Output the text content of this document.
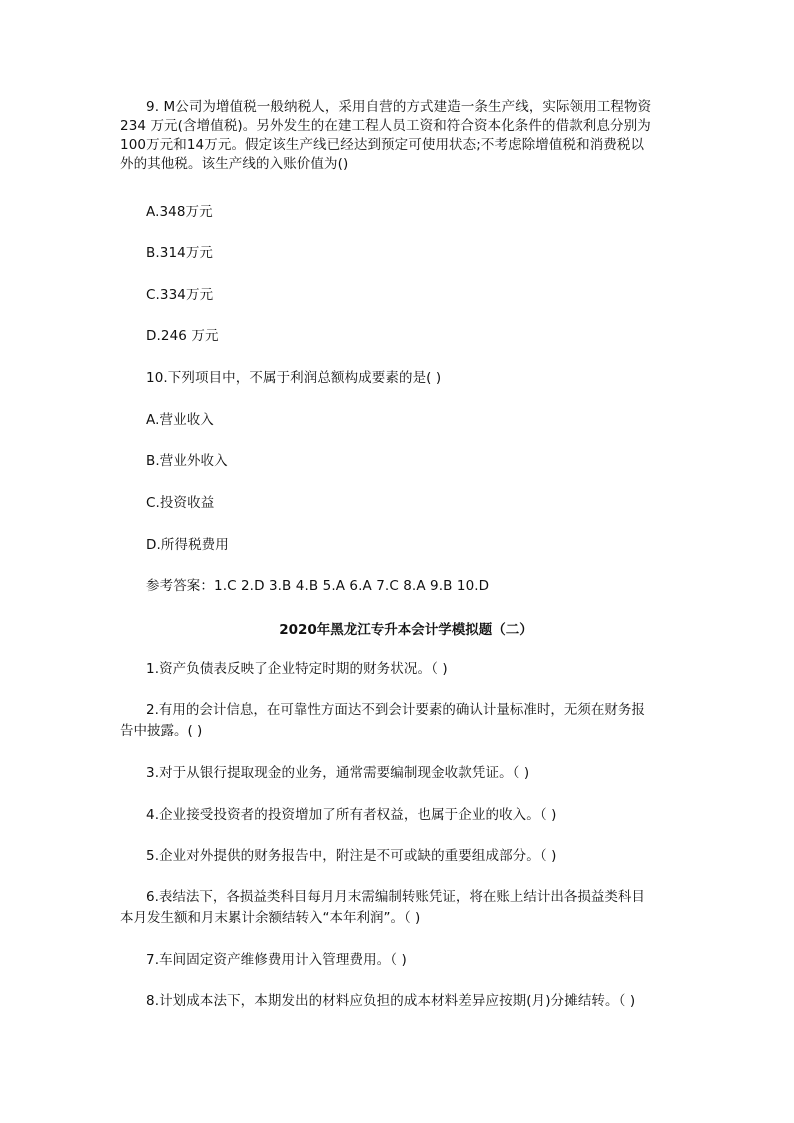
9. M公司为增值税一般纳税人，采用自营的方式建造一条生产线，实际领用工程物资
234 万元(含增值税)。另外发生的在建工程人员工资和符合资本化条件的借款利息分别为
100万元和14万元。假定该生产线已经达到预定可使用状态;不考虑除增值税和消费税以
外的其他税。该生产线的入账价值为()
A.348万元
B.314万元
C.334万元
D.246 万元
10.下列项目中，不属于利润总额构成要素的是( )
A.营业收入
B.营业外收入
C.投资收益
D.所得税费用
参考答案：1.C 2.D 3.B 4.B 5.A 6.A 7.C 8.A 9.B 10.D
2020年黑龙江专升本会计学模拟题（二）
1.资产负债表反映了企业特定时期的财务状况。（ )
2.有用的会计信息，在可靠性方面达不到会计要素的确认计量标准时，无须在财务报
告中披露。( )
3.对于从银行提取现金的业务，通常需要编制现金收款凭证。（ )
4.企业接受投资者的投资增加了所有者权益，也属于企业的收入。（ )
5.企业对外提供的财务报告中，附注是不可或缺的重要组成部分。（ )
6.表结法下，各损益类科目每月月末需编制转账凭证，将在账上结计出各损益类科目
本月发生额和月末累计余额结转入“本年利润”。（ )
7.车间固定资产维修费用计入管理费用。（ )
8.计划成本法下，本期发出的材料应负担的成本材料差异应按期(月)分摊结转。（ )
